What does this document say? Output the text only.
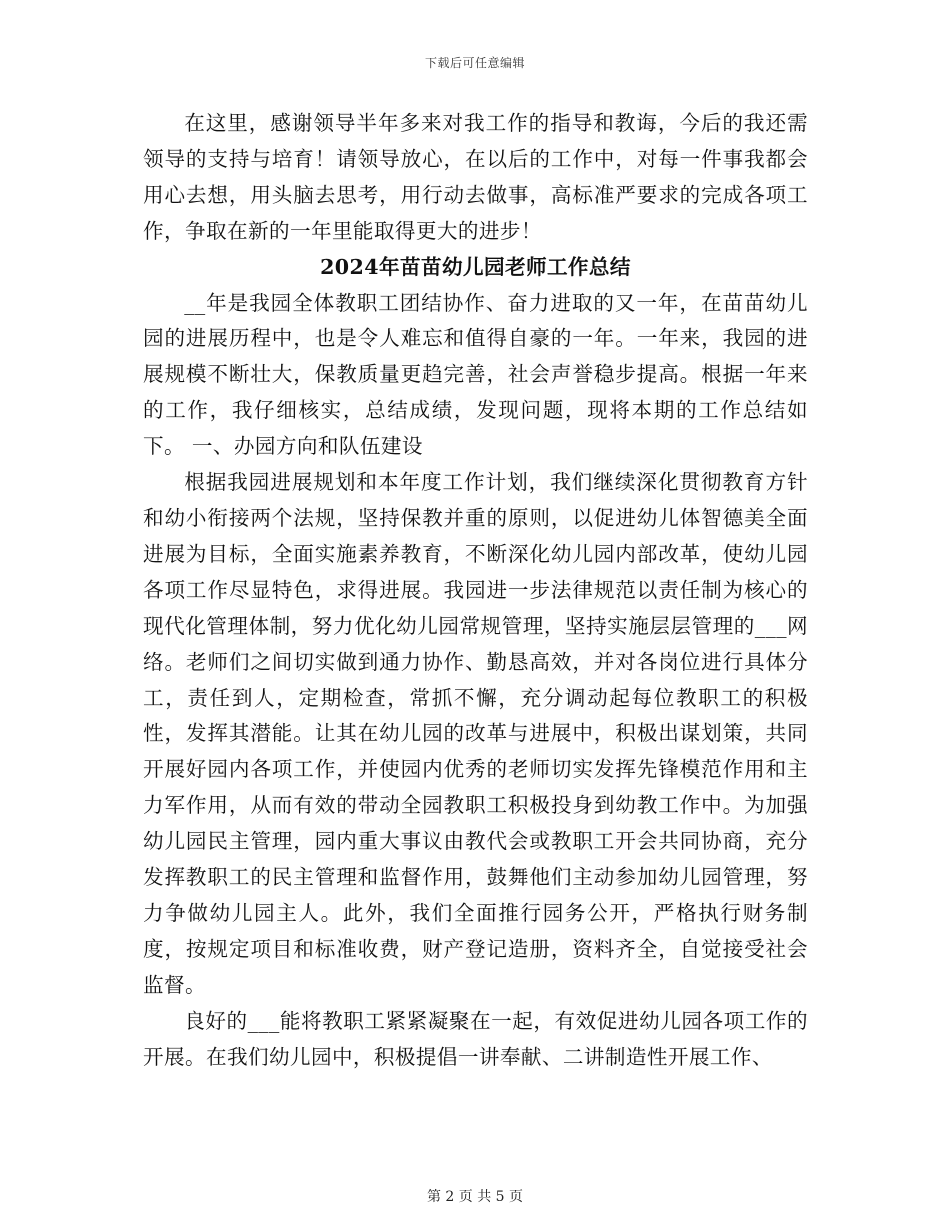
下载后可任意编辑

在这里，感谢领导半年多来对我工作的指导和教诲，今后的我还需领导的支持与培育！请领导放心，在以后的工作中，对每一件事我都会用心去想，用头脑去思考，用行动去做事，高标准严要求的完成各项工作，争取在新的一年里能取得更大的进步！

2024年苗苗幼儿园老师工作总结

__年是我园全体教职工团结协作、奋力进取的又一年，在苗苗幼儿园的进展历程中，也是令人难忘和值得自豪的一年。一年来，我园的进展规模不断壮大，保教质量更趋完善，社会声誉稳步提高。根据一年来的工作，我仔细核实，总结成绩，发现问题，现将本期的工作总结如下。 一、办园方向和队伍建设

根据我园进展规划和本年度工作计划，我们继续深化贯彻教育方针和幼小衔接两个法规，坚持保教并重的原则，以促进幼儿体智德美全面进展为目标，全面实施素养教育，不断深化幼儿园内部改革，使幼儿园各项工作尽显特色，求得进展。我园进一步法律规范以责任制为核心的现代化管理体制，努力优化幼儿园常规管理，坚持实施层层管理的___网络。老师们之间切实做到通力协作、勤恳高效，并对各岗位进行具体分工，责任到人，定期检查，常抓不懈，充分调动起每位教职工的积极性，发挥其潜能。让其在幼儿园的改革与进展中，积极出谋划策，共同开展好园内各项工作，并使园内优秀的老师切实发挥先锋模范作用和主力军作用，从而有效的带动全园教职工积极投身到幼教工作中。为加强幼儿园民主管理，园内重大事议由教代会或教职工开会共同协商，充分发挥教职工的民主管理和监督作用，鼓舞他们主动参加幼儿园管理，努力争做幼儿园主人。此外，我们全面推行园务公开，严格执行财务制度，按规定项目和标准收费，财产登记造册，资料齐全，自觉接受社会监督。

良好的___能将教职工紧紧凝聚在一起，有效促进幼儿园各项工作的开展。在我们幼儿园中，积极提倡一讲奉献、二讲制造性开展工作、

第 2 页 共 5 页
